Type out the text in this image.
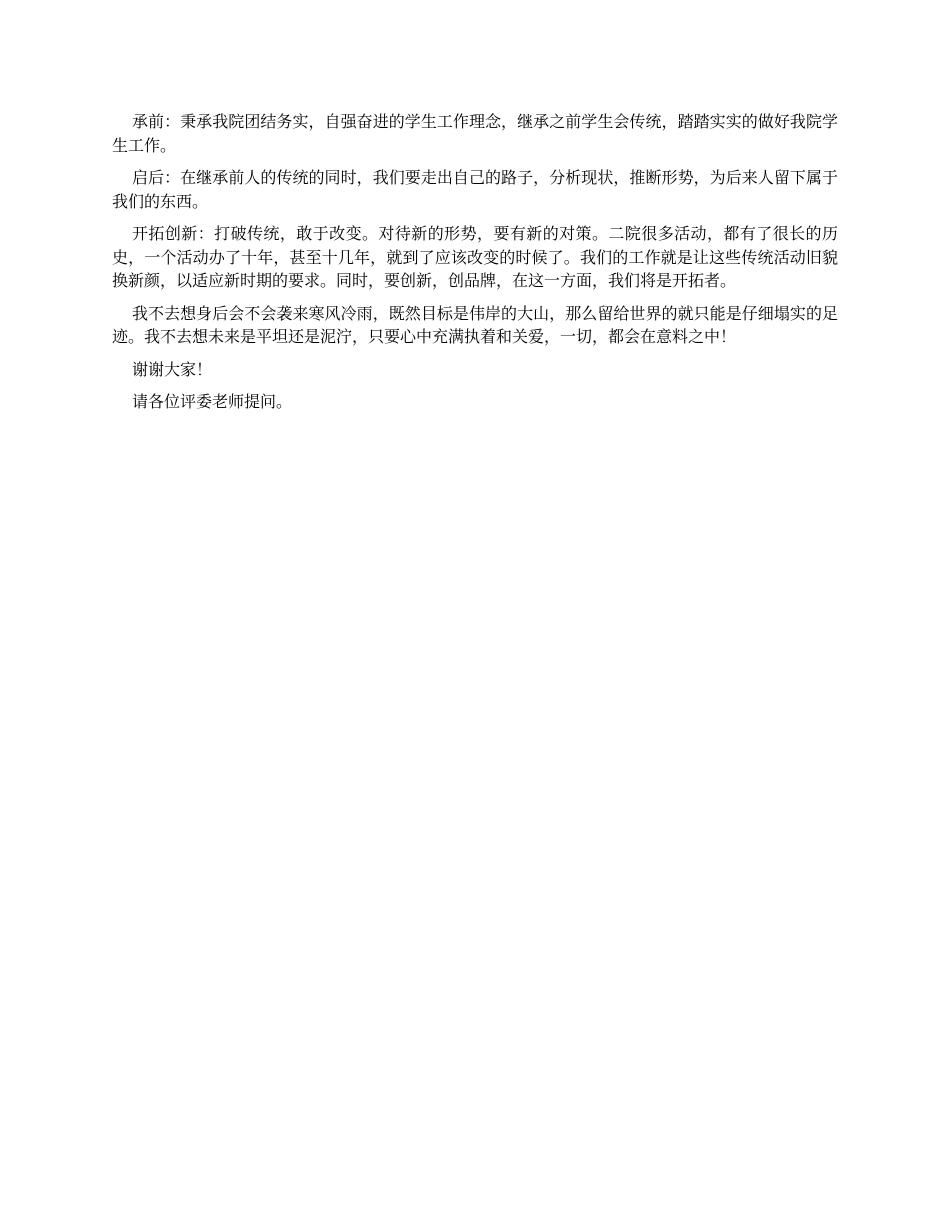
承前：秉承我院团结务实，自强奋进的学生工作理念，继承之前学生会传统，踏踏实实的做好我院学生工作。

启后：在继承前人的传统的同时，我们要走出自己的路子，分析现状，推断形势，为后来人留下属于我们的东西。

开拓创新：打破传统，敢于改变。对待新的形势，要有新的对策。二院很多活动，都有了很长的历史，一个活动办了十年，甚至十几年，就到了应该改变的时候了。我们的工作就是让这些传统活动旧貌换新颜，以适应新时期的要求。同时，要创新，创品牌，在这一方面，我们将是开拓者。

我不去想身后会不会袭来寒风冷雨，既然目标是伟岸的大山，那么留给世界的就只能是仔细塌实的足迹。我不去想未来是平坦还是泥泞，只要心中充满执着和关爱，一切，都会在意料之中！

谢谢大家！

请各位评委老师提问。
